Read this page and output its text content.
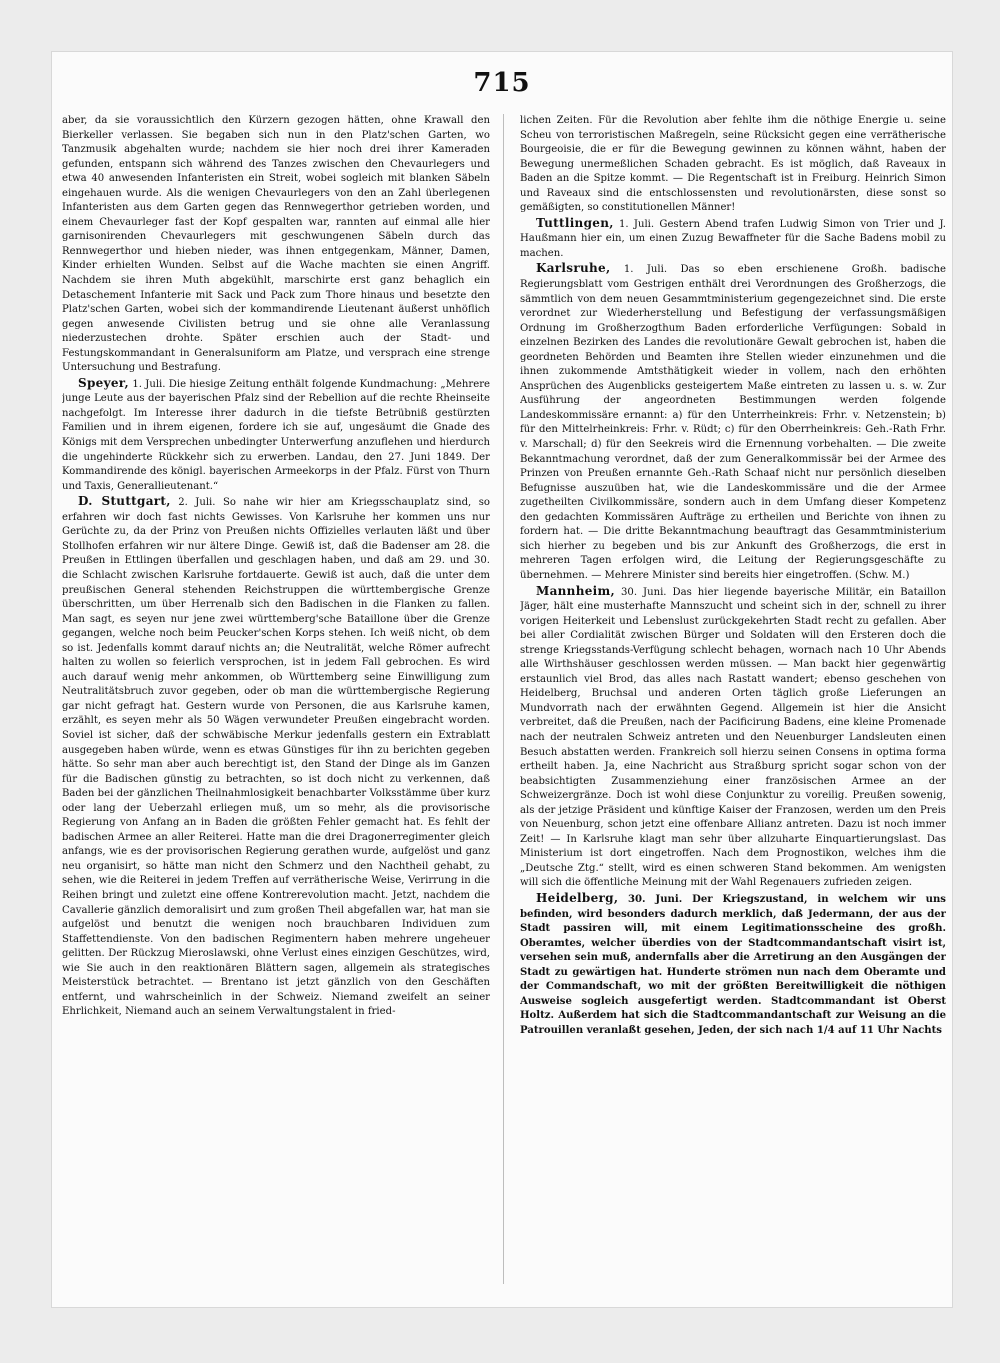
715

aber, da sie voraussichtlich den Kürzern gezogen hätten, ohne Krawall den Bierkeller verlassen. Sie begaben sich nun in den Platz'schen Garten, wo Tanzmusik abgehalten wurde; nachdem sie hier noch drei ihrer Kameraden gefunden, entspann sich während des Tanzes zwischen den Chevaurlegers und etwa 40 anwesenden Infanteristen ein Streit, wobei sogleich mit blanken Säbeln eingehauen wurde. Als die wenigen Chevaurlegers von den an Zahl überlegenen Infanteristen aus dem Garten gegen das Rennwegerthor getrieben worden, und einem Chevaurleger fast der Kopf gespalten war, rannten auf einmal alle hier garnisonirenden Chevaurlegers mit geschwungenen Säbeln durch das Rennwegerthor und hieben nieder, was ihnen entgegenkam, Männer, Damen, Kinder erhielten Wunden. Selbst auf die Wache machten sie einen Angriff. Nachdem sie ihren Muth abgekühlt, marschirte erst ganz behaglich ein Detaschement Infanterie mit Sack und Pack zum Thore hinaus und besetzte den Platz'schen Garten, wobei sich der kommandirende Lieutenant äußerst unhöflich gegen anwesende Civilisten betrug und sie ohne alle Veranlassung niederzustechen drohte. Später erschien auch der Stadt- und Festungskommandant in Generalsuniform am Platze, und versprach eine strenge Untersuchung und Bestrafung.

Speyer, 1. Juli. Die hiesige Zeitung enthält folgende Kundmachung: „Mehrere junge Leute aus der bayerischen Pfalz sind der Rebellion auf die rechte Rheinseite nachgefolgt. Im Interesse ihrer dadurch in die tiefste Betrübniß gestürzten Familien und in ihrem eigenen, fordere ich sie auf, ungesäumt die Gnade des Königs mit dem Versprechen unbedingter Unterwerfung anzuflehen und hierdurch die ungehinderte Rückkehr sich zu erwerben. Landau, den 27. Juni 1849. Der Kommandirende des königl. bayerischen Armeekorps in der Pfalz. Fürst von Thurn und Taxis, Generallieutenant.“

D. Stuttgart, 2. Juli. So nahe wir hier am Kriegsschauplatz sind, so erfahren wir doch fast nichts Gewisses. Von Karlsruhe her kommen uns nur Gerüchte zu, da der Prinz von Preußen nichts Offizielles verlauten läßt und über Stollhofen erfahren wir nur ältere Dinge. Gewiß ist, daß die Badenser am 28. die Preußen in Ettlingen überfallen und geschlagen haben, und daß am 29. und 30. die Schlacht zwischen Karlsruhe fortdauerte. Gewiß ist auch, daß die unter dem preußischen General stehenden Reichstruppen die württembergische Grenze überschritten, um über Herrenalb sich den Badischen in die Flanken zu fallen. Man sagt, es seyen nur jene zwei württemberg'sche Bataillone über die Grenze gegangen, welche noch beim Peucker'schen Korps stehen. Ich weiß nicht, ob dem so ist. Jedenfalls kommt darauf nichts an; die Neutralität, welche Römer aufrecht halten zu wollen so feierlich versprochen, ist in jedem Fall gebrochen. Es wird auch darauf wenig mehr ankommen, ob Württemberg seine Einwilligung zum Neutralitätsbruch zuvor gegeben, oder ob man die württembergische Regierung gar nicht gefragt hat. Gestern wurde von Personen, die aus Karlsruhe kamen, erzählt, es seyen mehr als 50 Wägen verwundeter Preußen eingebracht worden. Soviel ist sicher, daß der schwäbische Merkur jedenfalls gestern ein Extrablatt ausgegeben haben würde, wenn es etwas Günstiges für ihn zu berichten gegeben hätte. So sehr man aber auch berechtigt ist, den Stand der Dinge als im Ganzen für die Badischen günstig zu betrachten, so ist doch nicht zu verkennen, daß Baden bei der gänzlichen Theilnahmlosigkeit benachbarter Volksstämme über kurz oder lang der Ueberzahl erliegen muß, um so mehr, als die provisorische Regierung von Anfang an in Baden die größten Fehler gemacht hat. Es fehlt der badischen Armee an aller Reiterei. Hatte man die drei Dragonerregimenter gleich anfangs, wie es der provisorischen Regierung gerathen wurde, aufgelöst und ganz neu organisirt, so hätte man nicht den Schmerz und den Nachtheil gehabt, zu sehen, wie die Reiterei in jedem Treffen auf verrätherische Weise, Verirrung in die Reihen bringt und zuletzt eine offene Kontrerevolution macht. Jetzt, nachdem die Cavallerie gänzlich demoralisirt und zum großen Theil abgefallen war, hat man sie aufgelöst und benutzt die wenigen noch brauchbaren Individuen zum Staffettendienste. Von den badischen Regimentern haben mehrere ungeheuer gelitten. Der Rückzug Mieroslawski, ohne Verlust eines einzigen Geschützes, wird, wie Sie auch in den reaktionären Blättern sagen, allgemein als strategisches Meisterstück betrachtet. — Brentano ist jetzt gänzlich von den Geschäften entfernt, und wahrscheinlich in der Schweiz. Niemand zweifelt an seiner Ehrlichkeit, Niemand auch an seinem Verwaltungstalent in fried-

lichen Zeiten. Für die Revolution aber fehlte ihm die nöthige Energie u. seine Scheu von terroristischen Maßregeln, seine Rücksicht gegen eine verrätherische Bourgeoisie, die er für die Bewegung gewinnen zu können wähnt, haben der Bewegung unermeßlichen Schaden gebracht. Es ist möglich, daß Raveaux in Baden an die Spitze kommt. — Die Regentschaft ist in Freiburg. Heinrich Simon und Raveaux sind die entschlossensten und revolutionärsten, diese sonst so gemäßigten, so constitutionellen Männer!

Tuttlingen, 1. Juli. Gestern Abend trafen Ludwig Simon von Trier und J. Haußmann hier ein, um einen Zuzug Bewaffneter für die Sache Badens mobil zu machen.

Karlsruhe, 1. Juli. Das so eben erschienene Großh. badische Regierungsblatt vom Gestrigen enthält drei Verordnungen des Großherzogs, die sämmtlich von dem neuen Gesammtministerium gegengezeichnet sind. Die erste verordnet zur Wiederherstellung und Befestigung der verfassungsmäßigen Ordnung im Großherzogthum Baden erforderliche Verfügungen: Sobald in einzelnen Bezirken des Landes die revolutionäre Gewalt gebrochen ist, haben die geordneten Behörden und Beamten ihre Stellen wieder einzunehmen und die ihnen zukommende Amtsthätigkeit wieder in vollem, nach den erhöhten Ansprüchen des Augenblicks gesteigertem Maße eintreten zu lassen u. s. w. Zur Ausführung der angeordneten Bestimmungen werden folgende Landeskommissäre ernannt: a) für den Unterrheinkreis: Frhr. v. Netzenstein; b) für den Mittelrheinkreis: Frhr. v. Rüdt; c) für den Oberrheinkreis: Geh.-Rath Frhr. v. Marschall; d) für den Seekreis wird die Ernennung vorbehalten. — Die zweite Bekanntmachung verordnet, daß der zum Generalkommissär bei der Armee des Prinzen von Preußen ernannte Geh.-Rath Schaaf nicht nur persönlich dieselben Befugnisse auszuüben hat, wie die Landeskommissäre und die der Armee zugetheilten Civilkommissäre, sondern auch in dem Umfang dieser Kompetenz den gedachten Kommissären Aufträge zu ertheilen und Berichte von ihnen zu fordern hat. — Die dritte Bekanntmachung beauftragt das Gesammtministerium sich hierher zu begeben und bis zur Ankunft des Großherzogs, die erst in mehreren Tagen erfolgen wird, die Leitung der Regierungsgeschäfte zu übernehmen. — Mehrere Minister sind bereits hier eingetroffen. (Schw. M.)

Mannheim, 30. Juni. Das hier liegende bayerische Militär, ein Bataillon Jäger, hält eine musterhafte Mannszucht und scheint sich in der, schnell zu ihrer vorigen Heiterkeit und Lebenslust zurückgekehrten Stadt recht zu gefallen. Aber bei aller Cordialität zwischen Bürger und Soldaten will den Ersteren doch die strenge Kriegsstands-Verfügung schlecht behagen, wornach nach 10 Uhr Abends alle Wirthshäuser geschlossen werden müssen. — Man backt hier gegenwärtig erstaunlich viel Brod, das alles nach Rastatt wandert; ebenso geschehen von Heidelberg, Bruchsal und anderen Orten täglich große Lieferungen an Mundvorrath nach der erwähnten Gegend. Allgemein ist hier die Ansicht verbreitet, daß die Preußen, nach der Pacificirung Badens, eine kleine Promenade nach der neutralen Schweiz antreten und den Neuenburger Landsleuten einen Besuch abstatten werden. Frankreich soll hierzu seinen Consens in optima forma ertheilt haben. Ja, eine Nachricht aus Straßburg spricht sogar schon von der beabsichtigten Zusammenziehung einer französischen Armee an der Schweizergränze. Doch ist wohl diese Conjunktur zu voreilig. Preußen sowenig, als der jetzige Präsident und künftige Kaiser der Franzosen, werden um den Preis von Neuenburg, schon jetzt eine offenbare Allianz antreten. Dazu ist noch immer Zeit! — In Karlsruhe klagt man sehr über allzuharte Einquartierungslast. Das Ministerium ist dort eingetroffen. Nach dem Prognostikon, welches ihm die „Deutsche Ztg.“ stellt, wird es einen schweren Stand bekommen. Am wenigsten will sich die öffentliche Meinung mit der Wahl Regenauers zufrieden zeigen.

Heidelberg, 30. Juni. Der Kriegszustand, in welchem wir uns befinden, wird besonders dadurch merklich, daß Jedermann, der aus der Stadt passiren will, mit einem Legitimationsscheine des großh. Oberamtes, welcher überdies von der Stadtcommandantschaft visirt ist, versehen sein muß, andernfalls aber die Arretirung an den Ausgängen der Stadt zu gewärtigen hat. Hunderte strömen nun nach dem Oberamte und der Commandschaft, wo mit der größten Bereitwilligkeit die nöthigen Ausweise sogleich ausgefertigt werden. Stadtcommandant ist Oberst Holtz. Außerdem hat sich die Stadtcommandantschaft zur Weisung an die Patrouillen veranlaßt gesehen, Jeden, der sich nach 1/4 auf 11 Uhr Nachts
